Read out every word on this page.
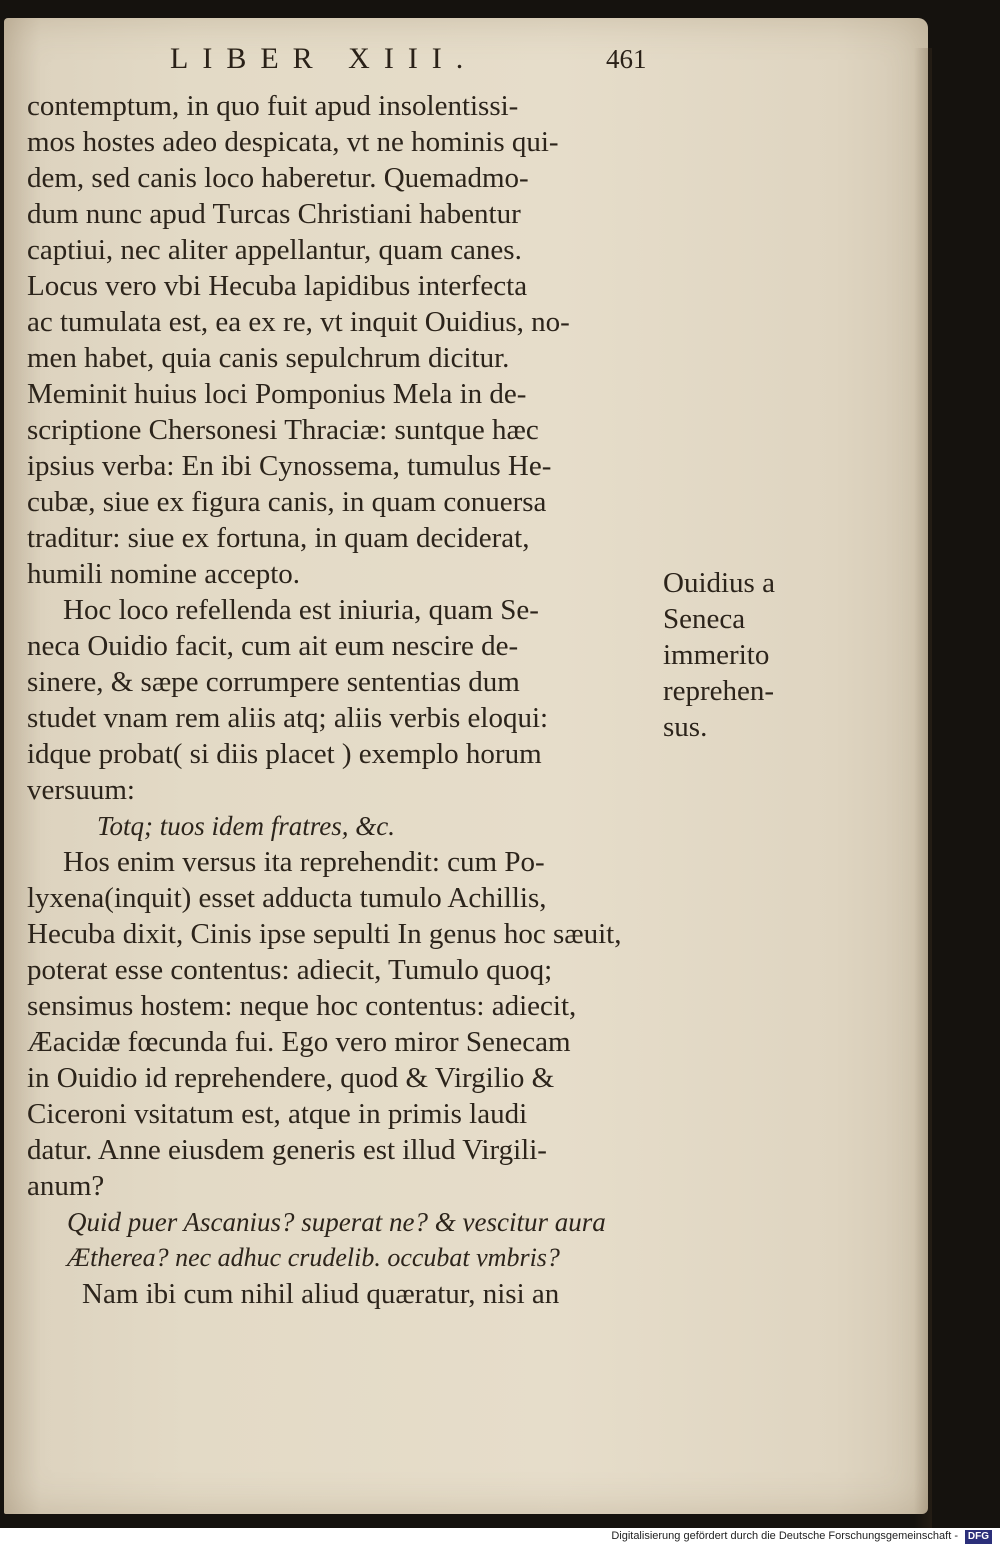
LIBER XIII.	461
contemptum, in quo fuit apud insolentissi-
mos hostes adeo despicata, vt ne hominis qui-
dem, sed canis loco haberetur. Quemadmo-
dum nunc apud Turcas Christiani habentur
captiui, nec aliter appellantur, quam canes.
Locus vero vbi Hecuba lapidibus interfecta
ac tumulata est, ea ex re, vt inquit Ouidius, no-
men habet, quia canis sepulchrum dicitur.
Meminit huius loci Pomponius Mela in de-
scriptione Chersonesi Thraciæ: suntque hæc
ipsius verba: En ibi Cynossema, tumulus He-
cubæ, siue ex figura canis, in quam conuersa
traditur: siue ex fortuna, in quam deciderat,
humili nomine accepto.
Hoc loco refellenda est iniuria, quam Se-
neca Ouidio facit, cum ait eum nescire de-
sinere, & sæpe corrumpere sententias dum
studet vnam rem aliis atq; aliis verbis eloqui:
idque probat( si diis placet ) exemplo horum
versuum:
Totq; tuos idem fratres, &c.
Hos enim versus ita reprehendit: cum Po-
lyxena(inquit) esset adducta tumulo Achillis,
Hecuba dixit, Cinis ipse sepulti In genus hoc sæuit,
poterat esse contentus: adiecit, Tumulo quoq;
sensimus hostem: neque hoc contentus: adiecit,
Æacidæ fœcunda fui. Ego vero miror Senecam
in Ouidio id reprehendere, quod & Virgilio &
Ciceroni vsitatum est, atque in primis laudi
datur. Anne eiusdem generis est illud Virgili-
anum?
Quid puer Ascanius? superat ne? & vescitur aura
Ætherea? nec adhuc crudelib. occubat vmbris?
Nam ibi cum nihil aliud quæratur, nisi an
Ouidius a
Seneca
immerito
reprehen-
sus.
Digitalisierung gefördert durch die Deutsche Forschungsgemeinschaft - DFG
